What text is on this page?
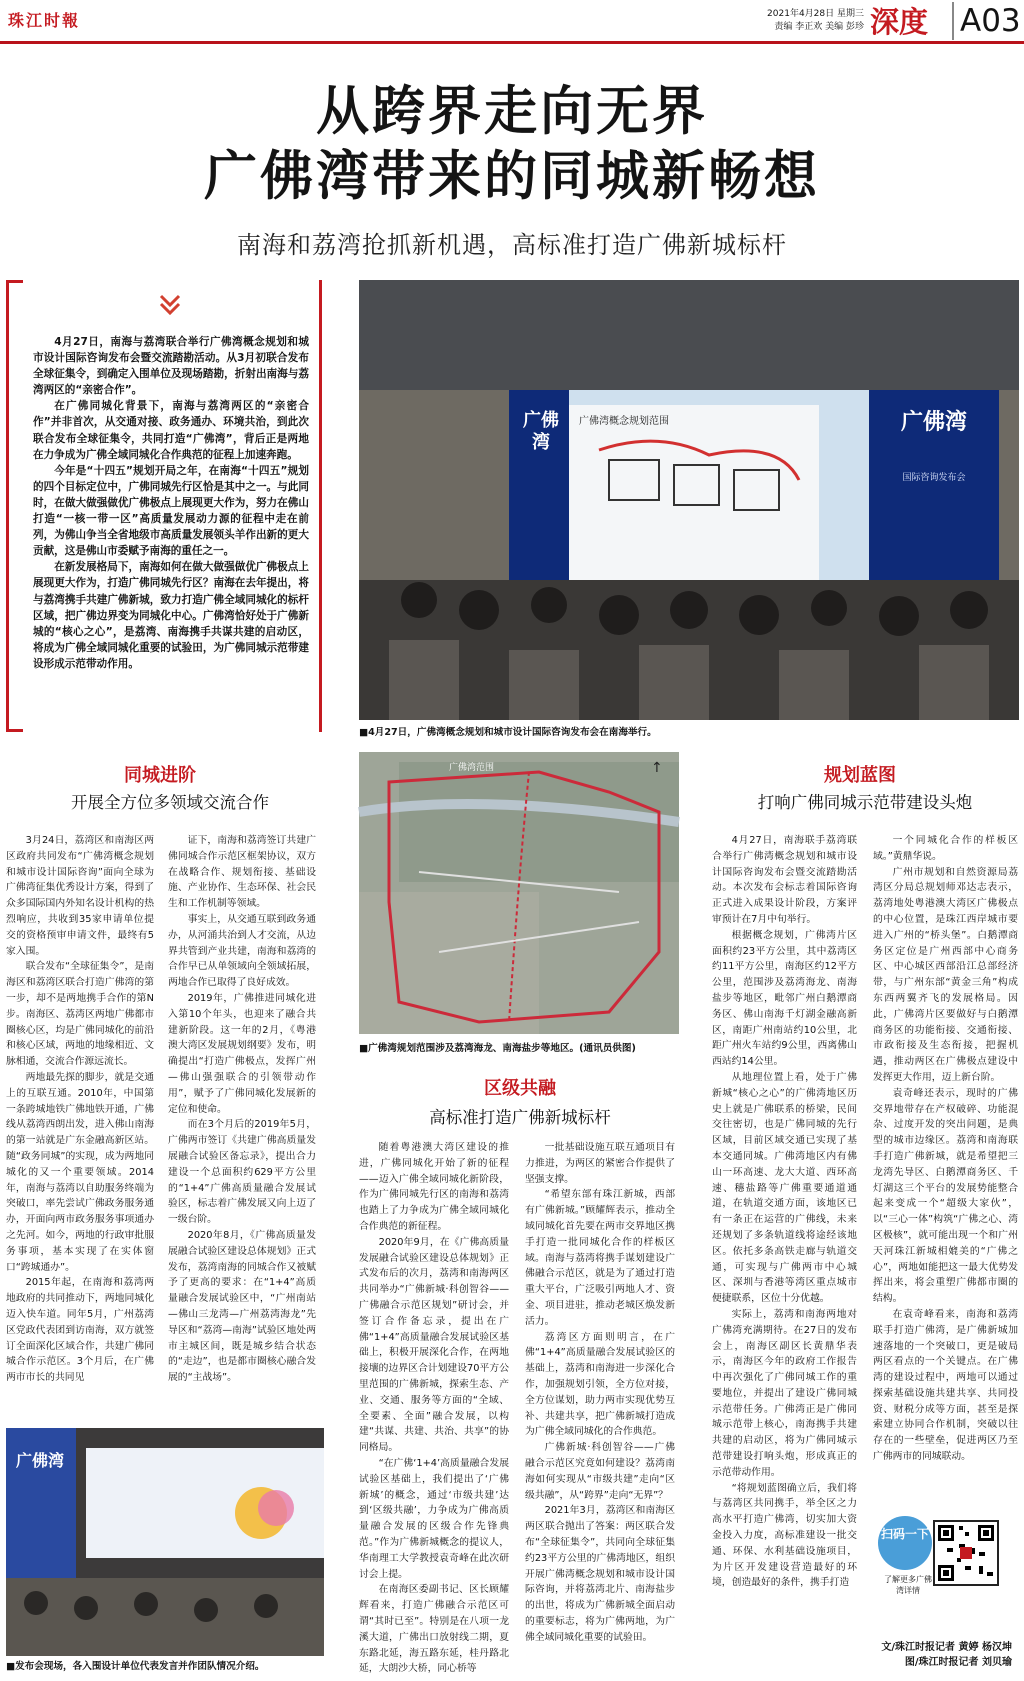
珠江时報	2021年4月28日 星期三
责编 李正欢 美编 彭珍 深度 A03
从跨界走向无界
广佛湾带来的同城新畅想
南海和荔湾抢抓新机遇，高标准打造广佛新城标杆

4月27日，南海与荔湾联合举行广佛湾概念规划和城市设计国际咨询发布会暨交流踏勘活动。从3月初联合发布全球征集令，到确定入围单位及现场踏勘，折射出南海与荔湾两区的“亲密合作”。

在广佛同城化背景下，南海与荔湾两区的“亲密合作”并非首次，从交通对接、政务通办、环境共治，到此次联合发布全球征集令，共同打造“广佛湾”，背后正是两地在力争成为广佛全域同城化合作典范的征程上加速奔跑。

今年是“十四五”规划开局之年，在南海“十四五”规划的四个目标定位中，广佛同城先行区恰是其中之一。与此同时，在做大做强做优广佛极点上展现更大作为，努力在佛山打造“一核一带一区”高质量发展动力源的征程中走在前列，为佛山争当全省地级市高质量发展领头羊作出新的更大贡献，这是佛山市委赋予南海的重任之一。

在新发展格局下，南海如何在做大做强做优广佛极点上展现更大作为，打造广佛同城先行区？南海在去年提出，将与荔湾携手共建广佛新城，致力打造广佛全域同城化的标杆区域，把广佛边界变为同城化中心。广佛湾恰好处于广佛新城的“核心之心”，是荔湾、南海携手共谋共建的启动区，将成为广佛全域同城化重要的试验田，为广佛同城示范带建设形成示范带动作用。

广佛湾
广佛湾
国际咨询发布会
广佛湾概念规划范围
■4月27日，广佛湾概念规划和城市设计国际咨询发布会在南海举行。
广佛湾范围	↑
■广佛湾规划范围涉及荔湾海龙、南海盐步等地区。(通讯员供图)
同城进阶
开展全方位多领域交流合作

3月24日，荔湾区和南海区两区政府共同发布“广佛湾概念规划和城市设计国际咨询”面向全球为广佛湾征集优秀设计方案，得到了众多国际国内外知名设计机构的热烈响应，共收到35家申请单位提交的资格预审申请文件，最终有5家入围。

联合发布“全球征集令”，是南海区和荔湾区联合打造广佛湾的第一步，却不是两地携手合作的第N步。南海区、荔湾区两地广佛都市圈核心区，均是广佛同城化的前沿和核心区域，两地的地缘相近、文脉相通，交流合作源远流长。

两地最先探的脚步，就是交通上的互联互通。2010年，中国第一条跨城地铁广佛地铁开通，广佛线从荔湾西朗出发，进入佛山南海的第一站就是广东金融高新区站。随“政务同城”的实现，成为两地同城化的又一个重要领域。2014年，南海与荔湾以自助服务终端为突破口，率先尝试广佛政务服务通办，开面向两市政务服务事项通办之先河。如今，两地的行政审批服务事项，基本实现了在实体窗口“跨城通办”。

2015年起，在南海和荔湾两地政府的共同推动下，两地同城化迈入快车道。同年5月，广州荔湾区党政代表团到访南海，双方就签订全面深化区域合作，共建广佛同城合作示范区。3个月后，在广佛两市市长的共同见

证下，南海和荔湾签订共建广佛同城合作示范区框架协议，双方在战略合作、规划衔接、基础设施、产业协作、生态环保、社会民生和工作机制等领域。

事实上，从交通互联到政务通办，从河涌共治到人才交流，从边界共管到产业共建，南海和荔湾的合作早已从单领域向全领域拓展，两地合作已取得了良好成效。

2019年，广佛推进同城化进入第10个年头，也迎来了融合共建新阶段。这一年的2月，《粤港澳大湾区发展规划纲要》发布，明确提出“打造广佛极点，发挥广州—佛山强强联合的引领带动作用”，赋予了广佛同城化发展新的定位和使命。

而在3个月后的2019年5月，广佛两市签订《共建广佛高质量发展融合试验区备忘录》，提出合力建设一个总面积约629平方公里的“1+4”广佛高质量融合发展试验区，标志着广佛发展又向上迈了一级台阶。

2020年8月，《广佛高质量发展融合试验区建设总体规划》正式发布，荔湾南海的同城合作又被赋予了更高的要求：在“1+4”高质量融合发展试验区中，“广州南站—佛山三龙湾—广州荔湾海龙”先导区和“荔湾—南海”试验区地处两市主城区间，既是城乡结合状态的“走边”，也是都市圈核心融合发展的“主战场”。

广佛湾
■发布会现场，各入围设计单位代表发言并作团队情况介绍。
区级共融
高标准打造广佛新城标杆

随着粤港澳大湾区建设的推进，广佛同城化开始了新的征程——迈入广佛全域同城化新阶段，作为广佛同城先行区的南海和荔湾也踏上了力争成为广佛全域同城化合作典范的新征程。

2020年9月，在《广佛高质量发展融合试验区建设总体规划》正式发布后的次月，荔湾和南海两区共同举办“广佛新城·科创智谷——广佛融合示范区规划”研讨会，并签订合作备忘录，提出在广佛“1+4”高质量融合发展试验区基础上，积极开展深化合作，在两地接壤的边界区合计划建设70平方公里范围的广佛新城，探索生态、产业、交通、服务等方面的“全域、全要素、全面”融合发展，以构建“共谋、共建、共治、共享”的协同格局。

“在广佛‘1+4’高质量融合发展试验区基础上，我们提出了‘广佛新城’的概念，通过‘市级共建’达到‘区级共融’，力争成为广佛高质量融合发展的区级合作先锋典范。”作为广佛新城概念的提议人，华南理工大学教授袁奇峰在此次研讨会上提。

在南海区委副书记、区长顾耀辉看来，打造广佛融合示范区可谓“其时已至”。特别是在八项一龙溪大道，广佛出口放射线二期，夏东路北延，海五路东延，桂丹路北延，大朗沙大桥，同心桥等

一批基础设施互联互通项目有力推进，为两区的紧密合作提供了坚强支撑。

“希望东部有珠江新城，西部有广佛新城。”顾耀辉表示，推动全域同城化首先要在两市交界地区携手打造一批同城化合作的样板区域。南海与荔湾将携手谋划建设广佛融合示范区，就是为了通过打造重大平台，广泛吸引两地人才、资金、项目进驻，推动老城区焕发新活力。

荔湾区方面则明言，在广佛“1+4”高质量融合发展试验区的基础上，荔湾和南海进一步深化合作，加强规划引领，全方位对接，全方位谋划，助力两市实现优势互补、共建共享，把广佛新城打造成为广佛全域同城化的合作典范。

广佛新城·科创智谷——广佛融合示范区究竟如何建设？荔湾南海如何实现从“市级共建”走向“区级共融”，从“跨界”走向“无界”？

2021年3月，荔湾区和南海区两区联合抛出了答案：两区联合发布“全球征集令”，共同向全球征集约23平方公里的广佛湾地区，组织开展广佛湾概念规划和城市设计国际咨询，并将荔湾北片、南海盐步的出世，将成为广佛新城全面启动的重要标志，将为广佛两地，为广佛全域同城化重要的试验田。

规划蓝图
打响广佛同城示范带建设头炮

4月27日，南海联手荔湾联合举行广佛湾概念规划和城市设计国际咨询发布会暨交流踏勘活动。本次发布会标志着国际咨询正式进入成果设计阶段，方案评审预计在7月中旬举行。

根据概念规划，广佛湾片区面积约23平方公里，其中荔湾区约11平方公里，南海区约12平方公里，范围涉及荔湾海龙、南海盐步等地区，毗邻广州白鹅潭商务区、佛山南海千灯湖金融高新区，南距广州南站约10公里，北距广州火车站约9公里，西离佛山西站约14公里。

从地理位置上看，处于广佛新城“核心之心”的广佛湾地区历史上就是广佛联系的桥梁，民间交往密切，也是广佛同城的先行区域，目前区域交通已实现了基本交通同城。广佛湾地区内有佛山一环高速、龙大大道、西环高速、穗盐路等广佛重要通道通道，在轨道交通方面，该地区已有一条正在运营的广佛线，未来还规划了多条轨道线将途经该地区。依托多条高铁走廊与轨道交通，可实现与广佛两市中心城区、深圳与香港等湾区重点城市便捷联系，区位十分优越。

实际上，荔湾和南海两地对广佛湾充满期待。在27日的发布会上，南海区副区长黄鼎华表示，南海区今年的政府工作报告中再次强化了广佛同城工作的重要地位，并提出了建设广佛同城示范带任务。广佛湾正是广佛同城示范带上核心，南海携手共建共建的启动区，将为广佛同城示范带建设打响头炮，形成真正的示范带动作用。

“将规划蓝图确立后，我们将与荔湾区共同携手，举全区之力高水平打造广佛湾，切实加大资金投入力度，高标准建设一批交通、环保、水利基础设施项目，为片区开发建设营造最好的环境，创造最好的条件，携手打造

一个同城化合作的样板区域。”黄鼎华说。

广州市规划和自然资源局荔湾区分局总规划师邓达志表示，荔湾地处粤港澳大湾区广佛极点的中心位置，是珠江西岸城市要进入广州的“桥头堡”。白鹅潭商务区定位是广州西部中心商务区、中心城区西部沿江总部经济带，与广州东部“黄金三角”构成东西两翼齐飞的发展格局。因此，广佛湾片区要做好与白鹅潭商务区的功能衔接、交通衔接、市政衔接及生态衔接，把握机遇，推动两区在广佛极点建设中发挥更大作用，迈上新台阶。

袁奇峰还表示，现时的广佛交界地带存在产权破碎、功能混杂、过度开发的突出问题，是典型的城市边缘区。荔湾和南海联手打造广佛新城，就是希望把三龙湾先导区、白鹅潭商务区、千灯湖这三个平台的发展势能整合起来变成一个“超级大家伙”，以“三心一体”构筑“广佛之心、湾区极核”，就可能出现一个和广州天河珠江新城相媲美的“广佛之心”，两地如能把这一最大优势发挥出来，将会重塑广佛都市圈的结构。

在袁奇峰看来，南海和荔湾联手打造广佛湾，是广佛新城加速落地的一个突破口，更是破局两区看点的一个关键点。在广佛湾的建设过程中，两地可以通过探索基础设施共建共享、共同投资、财税分成等方面，甚至是探索建立协同合作机制，突破以往存在的一些壁垒，促进两区乃至广佛两市的同城联动。

扫码一下
了解更多广佛湾详情
文/珠江时报记者 黄婷 杨汉坤
图/珠江时报记者 刘贝瑜
